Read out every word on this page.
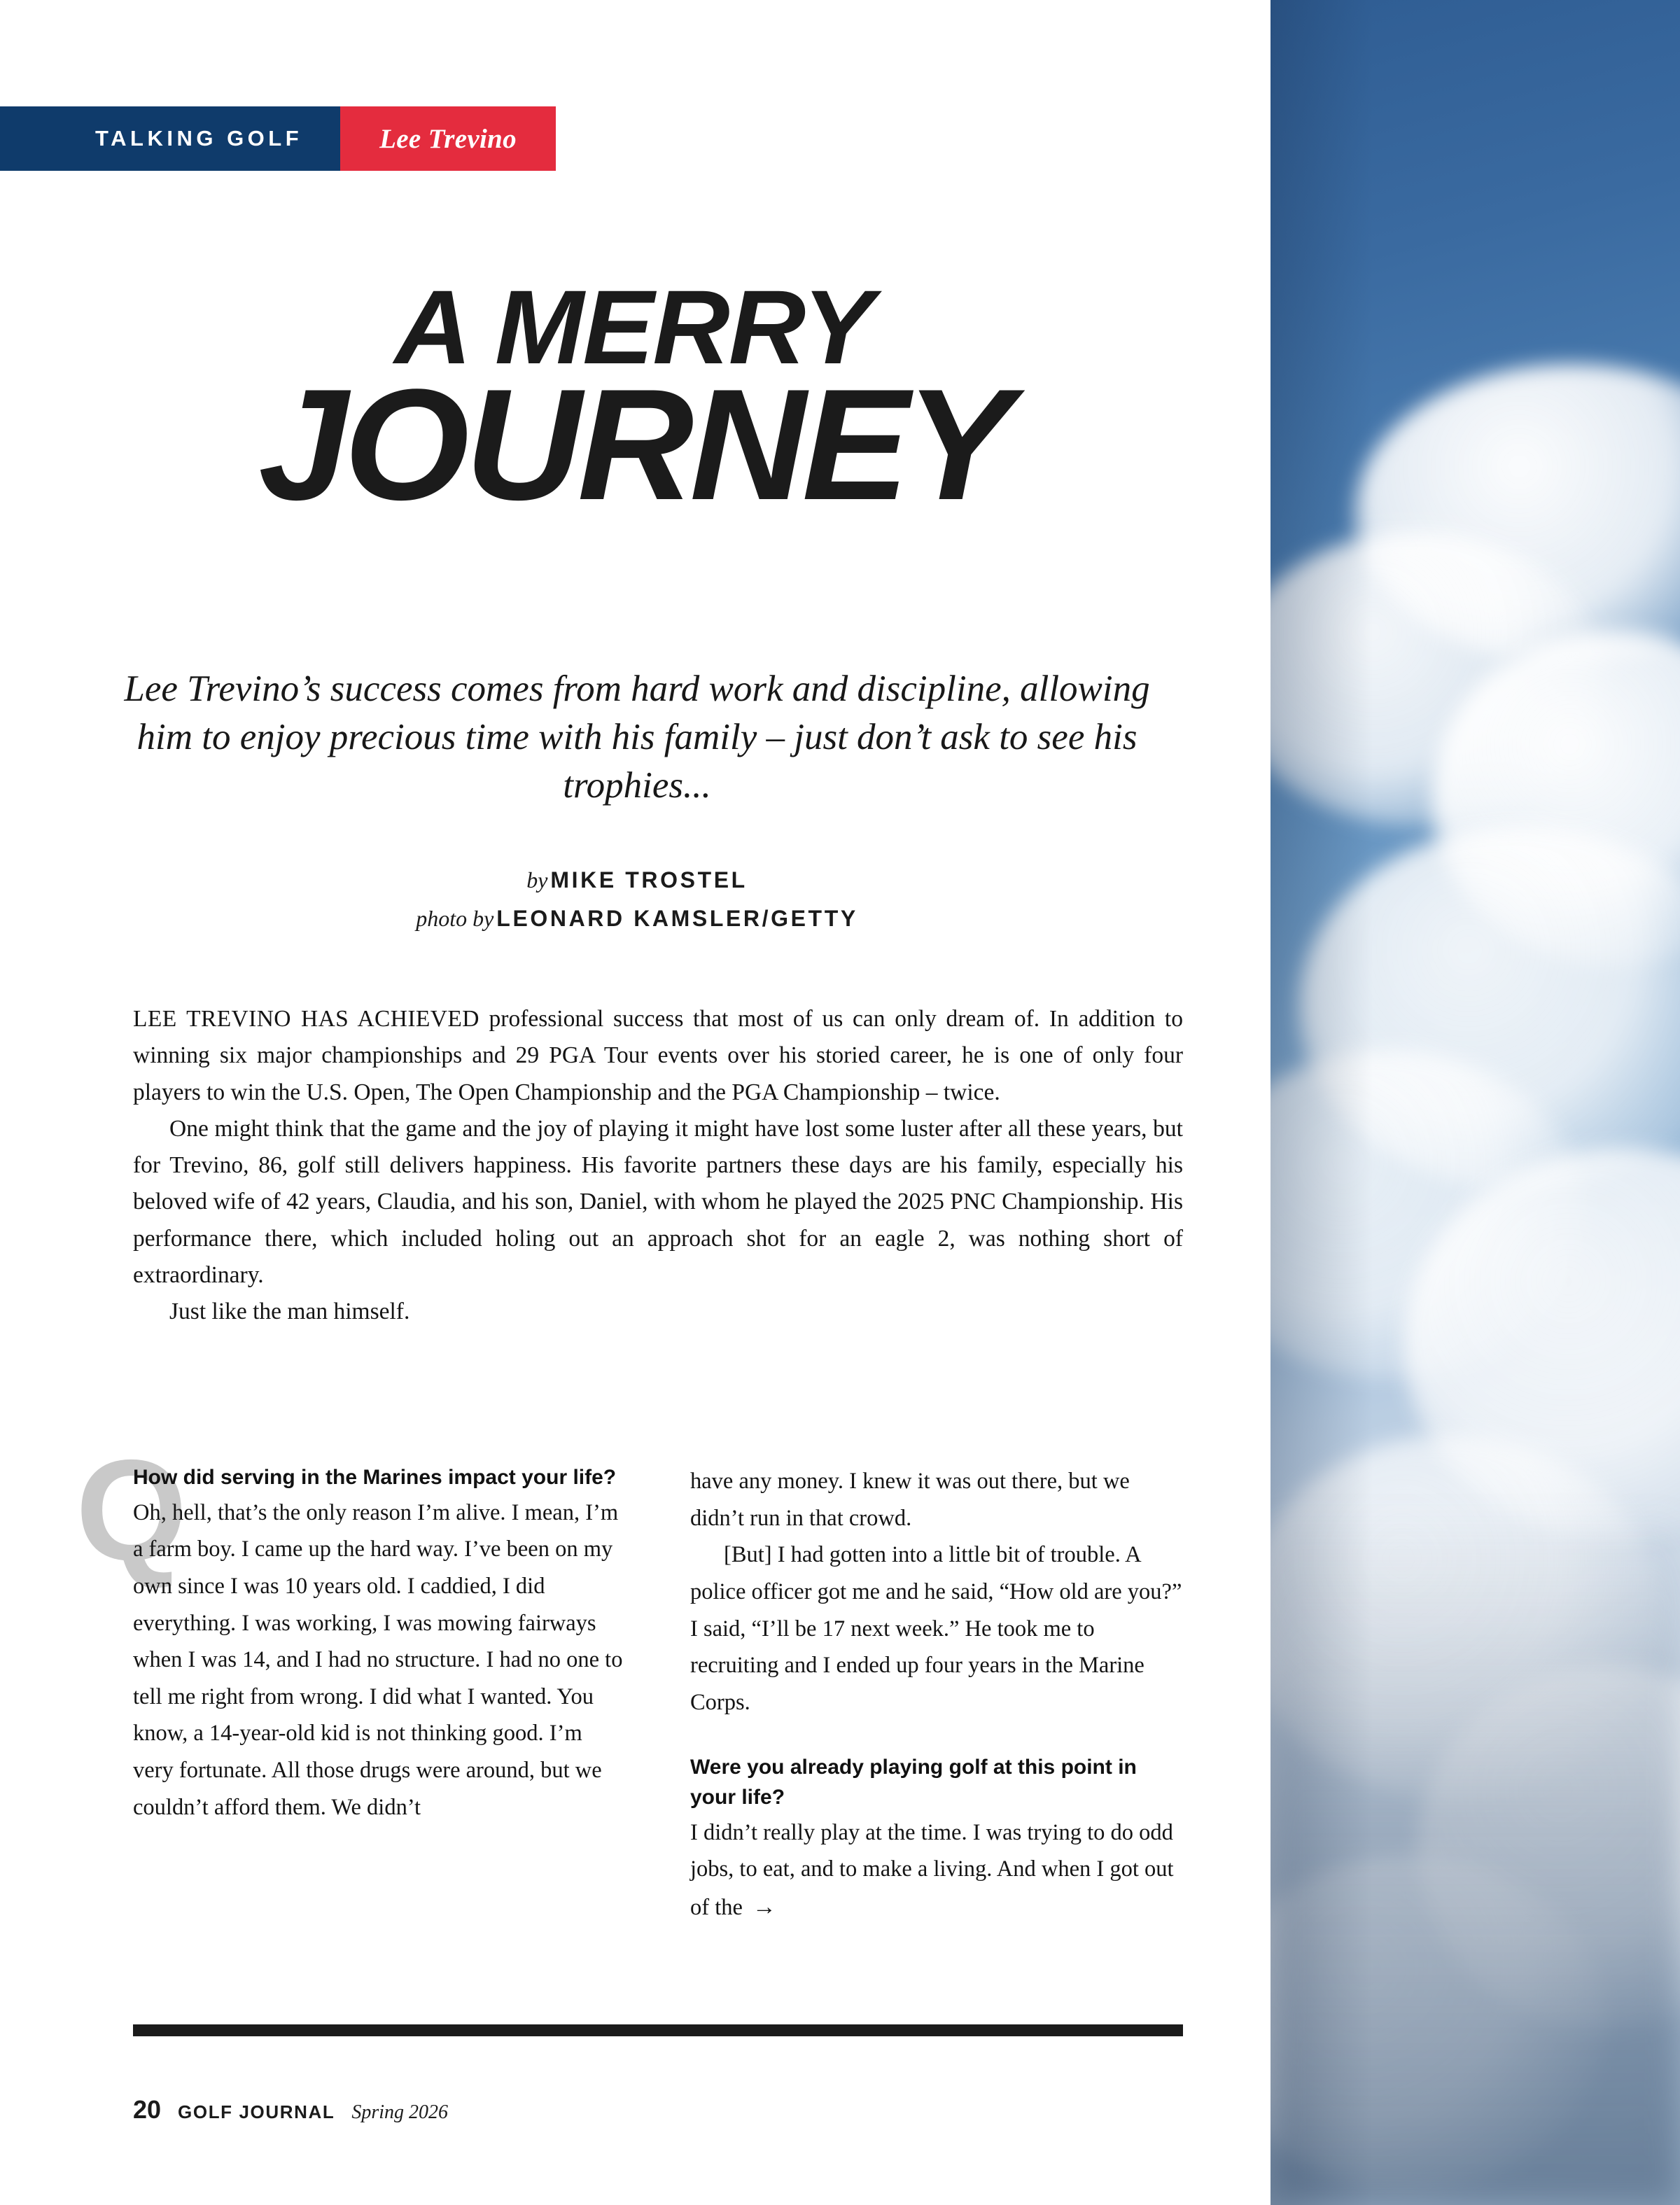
TALKING GOLF	Lee Trevino
A MERRY
JOURNEY
Lee Trevino’s success comes from hard work and discipline, allowing him to enjoy precious time with his family – just don’t ask to see his trophies...
by MIKE TROSTEL
photo by LEONARD KAMSLER/GETTY

LEE TREVINO HAS ACHIEVED professional success that most of us can only dream of. In addition to winning six major championships and 29 PGA Tour events over his storied career, he is one of only four players to win the U.S. Open, The Open Championship and the PGA Championship – twice.

One might think that the game and the joy of playing it might have lost some luster after all these years, but for Trevino, 86, golf still delivers happiness. His favorite partners these days are his family, especially his beloved wife of 42 years, Claudia, and his son, Daniel, with whom he played the 2025 PNC Championship. His performance there, which included holing out an approach shot for an eagle 2, was nothing short of extraordinary.

Just like the man himself.

Q

How did serving in the Marines impact your life?

Oh, hell, that’s the only reason I’m alive. I mean, I’m a farm boy. I came up the hard way. I’ve been on my own since I was 10 years old. I caddied, I did everything. I was working, I was mowing fairways when I was 14, and I had no structure. I had no one to tell me right from wrong. I did what I wanted. You know, a 14-year-old kid is not thinking good. I’m very fortunate. All those drugs were around, but we couldn’t afford them. We didn’t

have any money. I knew it was out there, but we didn’t run in that crowd.

[But] I had gotten into a little bit of trouble. A police officer got me and he said, “How old are you?” I said, “I’ll be 17 next week.” He took me to recruiting and I ended up four years in the Marine Corps.

Were you already playing golf at this point in your life?

I didn’t really play at the time. I was trying to do odd jobs, to eat, and to make a living. And when I got out of the →

20 GOLF JOURNAL Spring 2026
